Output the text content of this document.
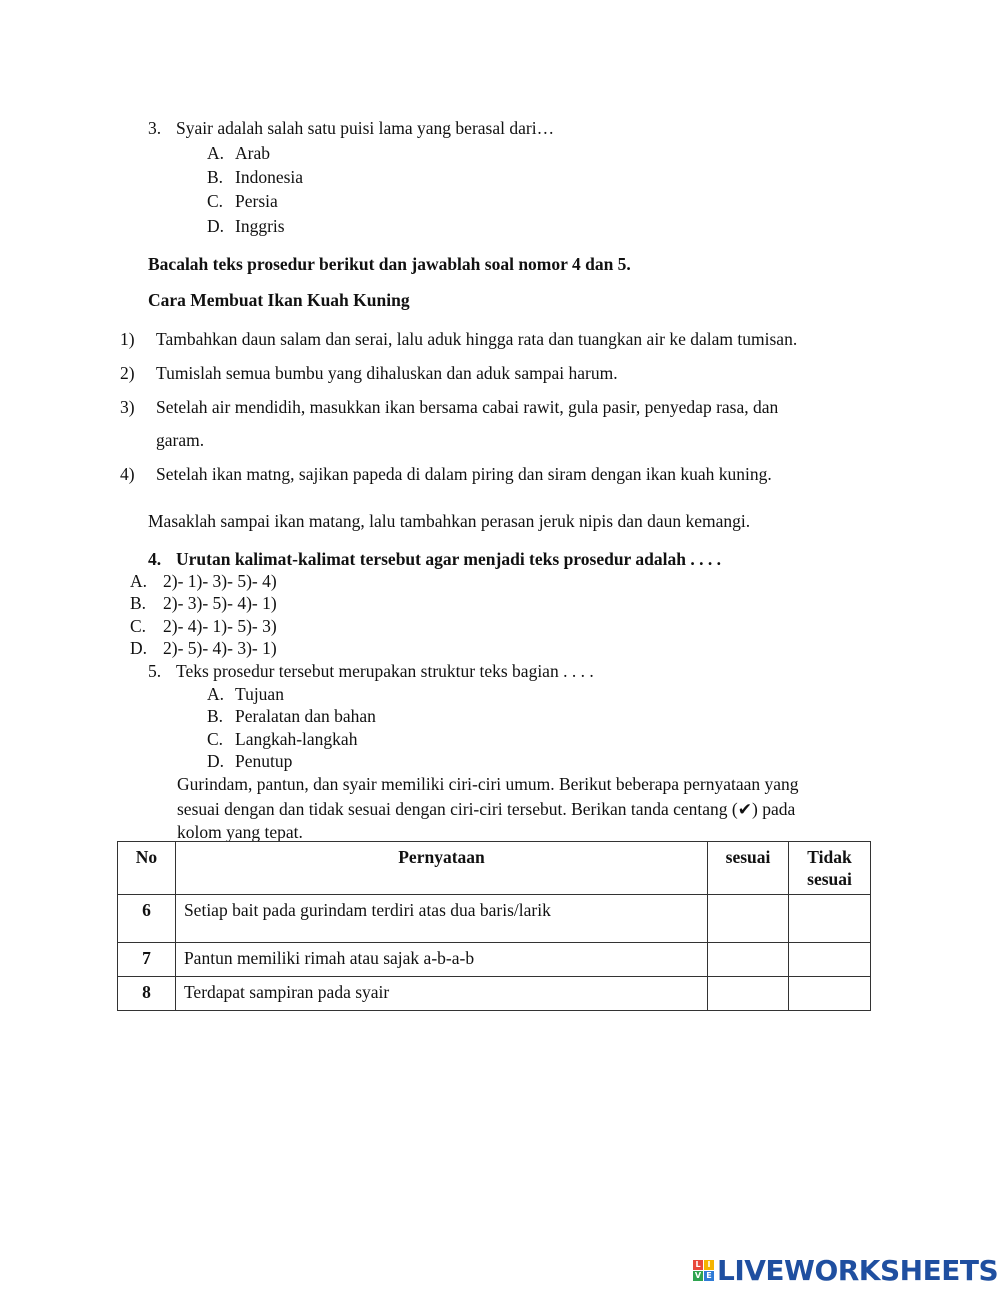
3. Syair adalah salah satu puisi lama yang berasal dari…
A. Arab
B. Indonesia
C. Persia
D. Inggris
Bacalah teks prosedur berikut dan jawablah soal nomor 4 dan 5.
Cara Membuat Ikan Kuah Kuning
1) Tambahkan daun salam dan serai, lalu aduk hingga rata dan tuangkan air ke dalam tumisan.
2) Tumislah semua bumbu yang dihaluskan dan aduk sampai harum.
3) Setelah air mendidih, masukkan ikan bersama cabai rawit, gula pasir, penyedap rasa, dan
garam.
4) Setelah ikan matng, sajikan papeda di dalam piring dan siram dengan ikan kuah kuning.
Masaklah sampai ikan matang, lalu tambahkan perasan jeruk nipis dan daun kemangi.
4. Urutan kalimat-kalimat tersebut agar menjadi teks prosedur adalah . . . .
A. 2)- 1)- 3)- 5)- 4)
B. 2)- 3)- 5)- 4)- 1)
C. 2)- 4)- 1)- 5)- 3)
D. 2)- 5)- 4)- 3)- 1)
5. Teks prosedur tersebut merupakan struktur teks bagian . . . .
A. Tujuan
B. Peralatan dan bahan
C. Langkah-langkah
D. Penutup
Gurindam, pantun, dan syair memiliki ciri-ciri umum. Berikut beberapa pernyataan yang
sesuai dengan dan tidak sesuai dengan ciri-ciri tersebut. Berikan tanda centang (✔) pada
kolom yang tepat.
No	Pernyataan	sesuai	Tidak
sesuai
6	Setiap bait pada gurindam terdiri atas dua baris/larik		
7	Pantun memiliki rimah atau sajak a-b-a-b		
8	Terdapat sampiran pada syair		
L I
V E LIVEWORKSHEETS
